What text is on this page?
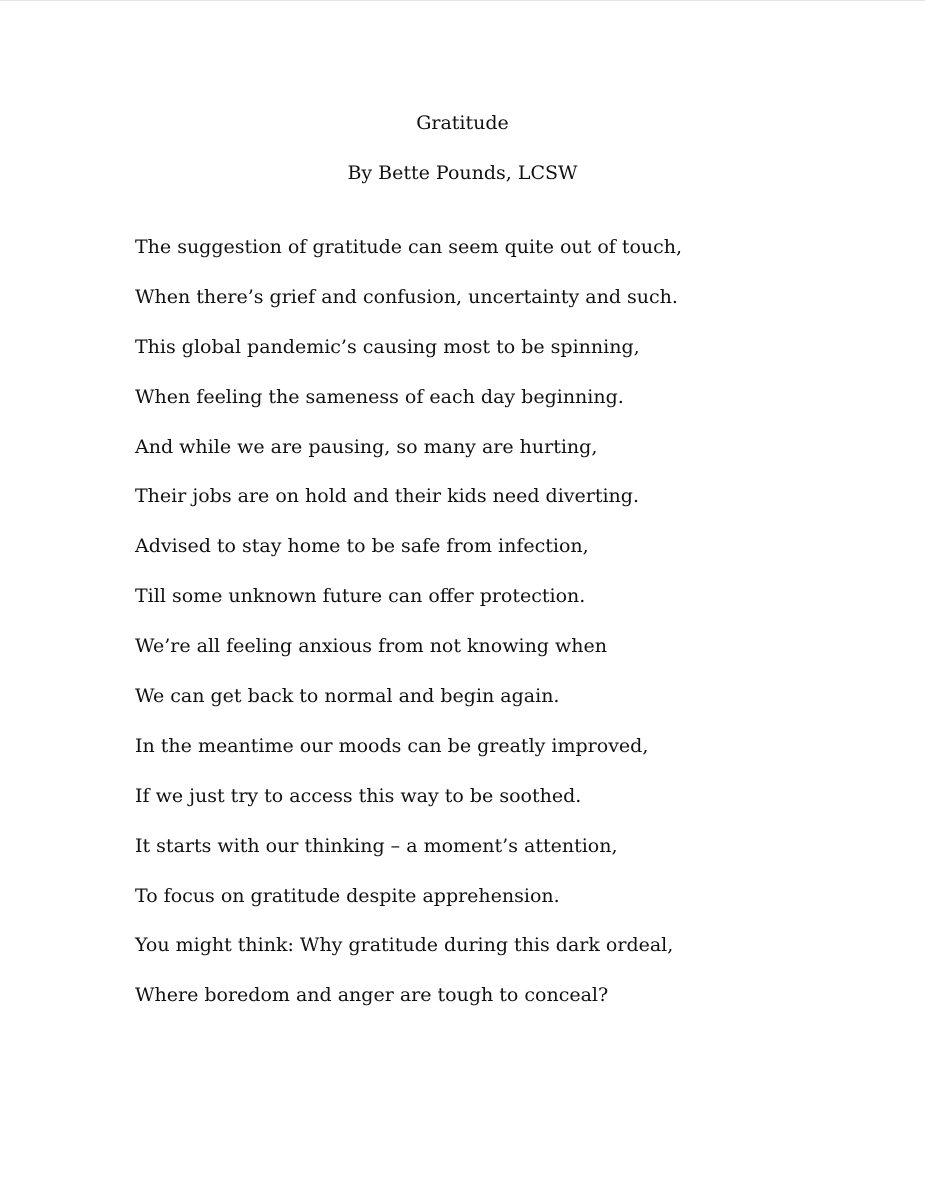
Gratitude
By Bette Pounds, LCSW
The suggestion of gratitude can seem quite out of touch,
When there’s grief and confusion, uncertainty and such.
This global pandemic’s causing most to be spinning,
When feeling the sameness of each day beginning.
And while we are pausing, so many are hurting,
Their jobs are on hold and their kids need diverting.
Advised to stay home to be safe from infection,
Till some unknown future can offer protection.
We’re all feeling anxious from not knowing when
We can get back to normal and begin again.
In the meantime our moods can be greatly improved,
If we just try to access this way to be soothed.
It starts with our thinking – a moment’s attention,
To focus on gratitude despite apprehension.
You might think: Why gratitude during this dark ordeal,
Where boredom and anger are tough to conceal?
